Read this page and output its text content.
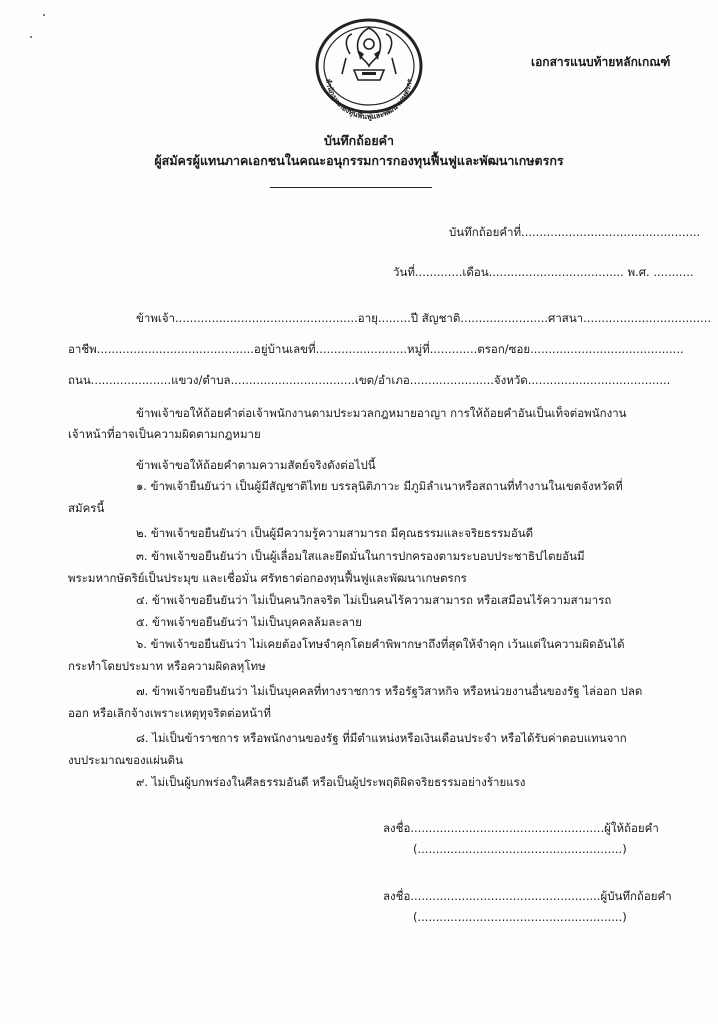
สำนักงานกองทุนฟื้นฟูและพัฒนาเกษตรกร
เอกสารแนบท้ายหลักเกณฑ์
บันทึกถ้อยคำ
ผู้สมัครผู้แทนภาคเอกชนในคณะอนุกรรมการกองทุนฟื้นฟูและพัฒนาเกษตรกร
บันทึกถ้อยคำที่.................................................
วันที่.............เดือน..................................... พ.ศ. ...........
ข้าพเจ้า..................................................อายุ.........ปี สัญชาติ........................ศาสนา...................................
อาชีพ...........................................อยู่บ้านเลขที่.........................หมู่ที่.............ตรอก/ซอย..........................................
ถนน......................แขวง/ตำบล..................................เขต/อำเภอ.......................จังหวัด.......................................
ข้าพเจ้าขอให้ถ้อยคำต่อเจ้าพนักงานตามประมวลกฎหมายอาญา การให้ถ้อยคำอันเป็นเท็จต่อพนักงาน
เจ้าหน้าที่อาจเป็นความผิดตามกฎหมาย
ข้าพเจ้าขอให้ถ้อยคำตามความสัตย์จริงดังต่อไปนี้
๑. ข้าพเจ้ายืนยันว่า เป็นผู้มีสัญชาติไทย บรรลุนิติภาวะ มีภูมิลำเนาหรือสถานที่ทำงานในเขตจังหวัดที่
สมัครนี้
๒. ข้าพเจ้าขอยืนยันว่า เป็นผู้มีความรู้ความสามารถ มีคุณธรรมและจริยธรรมอันดี
๓. ข้าพเจ้าขอยืนยันว่า เป็นผู้เลื่อมใสและยึดมั่นในการปกครองตามระบอบประชาธิปไตยอันมี
พระมหากษัตริย์เป็นประมุข และเชื่อมั่น ศรัทธาต่อกองทุนฟื้นฟูและพัฒนาเกษตรกร
๔. ข้าพเจ้าขอยืนยันว่า ไม่เป็นคนวิกลจริต ไม่เป็นคนไร้ความสามารถ หรือเสมือนไร้ความสามารถ
๕. ข้าพเจ้าขอยืนยันว่า ไม่เป็นบุคคลล้มละลาย
๖. ข้าพเจ้าขอยืนยันว่า ไม่เคยต้องโทษจำคุกโดยคำพิพากษาถึงที่สุดให้จำคุก เว้นแต่ในความผิดอันได้
กระทำโดยประมาท หรือความผิดลหุโทษ
๗. ข้าพเจ้าขอยืนยันว่า ไม่เป็นบุคคลที่ทางราชการ หรือรัฐวิสาหกิจ หรือหน่วยงานอื่นของรัฐ ไล่ออก ปลด
ออก หรือเลิกจ้างเพราะเหตุทุจริตต่อหน้าที่
๘. ไม่เป็นข้าราชการ หรือพนักงานของรัฐ ที่มีตำแหน่งหรือเงินเดือนประจำ หรือได้รับค่าตอบแทนจาก
งบประมาณของแผ่นดิน
๙. ไม่เป็นผู้บกพร่องในศีลธรรมอันดี หรือเป็นผู้ประพฤติผิดจริยธรรมอย่างร้ายแรง
ลงชื่อ.....................................................ผู้ให้ถ้อยคำ
(........................................................)
ลงชื่อ....................................................ผู้บันทึกถ้อยคำ
(........................................................)
